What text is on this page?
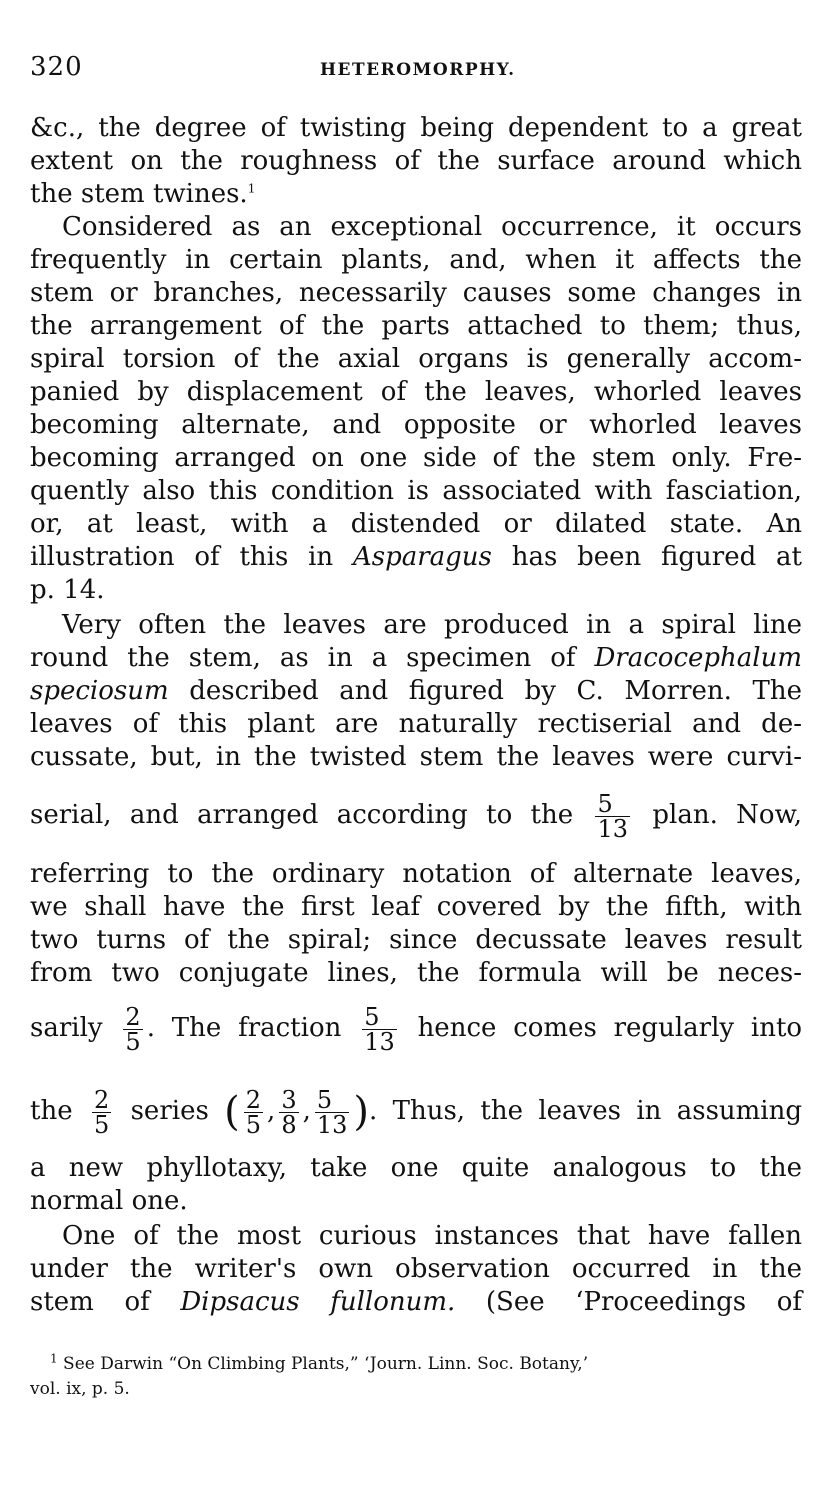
320	HETEROMORPHY.
&c., the degree of twisting being dependent to a great
extent on the roughness of the surface around which
the stem twines.$^1$
Considered as an exceptional occurrence, it occurs
frequently in certain plants, and, when it affects the
stem or branches, necessarily causes some changes in
the arrangement of the parts attached to them; thus,
spiral torsion of the axial organs is generally accom-
panied by displacement of the leaves, whorled leaves
becoming alternate, and opposite or whorled leaves
becoming arranged on one side of the stem only. Fre-
quently also this condition is associated with fasciation,
or, at least, with a distended or dilated state. An
illustration of this in Asparagus has been figured at
p. 14.
Very often the leaves are produced in a spiral line
round the stem, as in a specimen of Dracocephalum
speciosum described and figured by C. Morren. The
leaves of this plant are naturally rectiserial and de-
cussate, but, in the twisted stem the leaves were curvi-
serial, and arranged according to the $\frac{5}{13}$ plan. Now,
referring to the ordinary notation of alternate leaves,
we shall have the first leaf covered by the fifth, with
two turns of the spiral; since decussate leaves result
from two conjugate lines, the formula will be neces-
sarily $\frac{2}{5}$ . The fraction $\frac{5}{13}$ hence comes regularly into
the $\frac{2}{5}$ series ( $\frac{2}{5}$ , $\frac{3}{8}$ , $\frac{5}{13}$ ). Thus, the leaves in assuming
a new phyllotaxy, take one quite analogous to the
normal one.
One of the most curious instances that have fallen
under the writer's own observation occurred in the
stem of Dipsacus fullonum. (See ‘Proceedings of
$^1$ See Darwin “On Climbing Plants,” ‘Journ. Linn. Soc. Botany,’
vol. ix, p. 5.
